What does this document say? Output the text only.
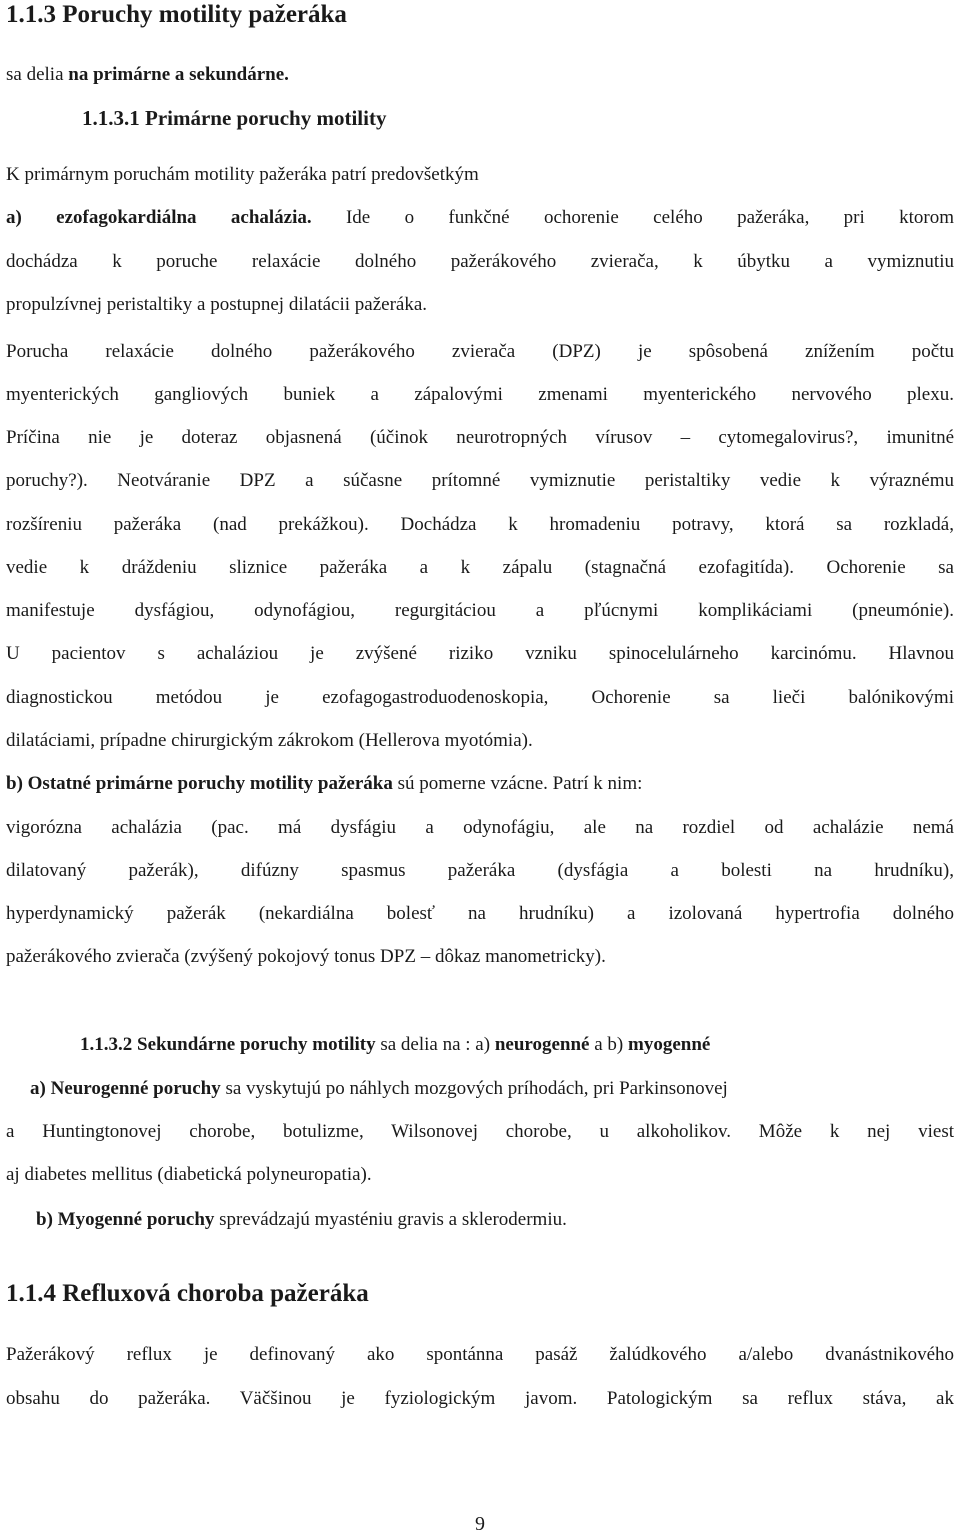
1.1.3 Poruchy motility pažeráka

sa delia na primárne a sekundárne.

1.1.3.1 Primárne poruchy motility

K primárnym poruchám motility pažeráka patrí predovšetkým

a) ezofagokardiálna achalázia. Ide o funkčné ochorenie celého pažeráka, pri ktorom

dochádza k poruche relaxácie dolného pažerákového zvierača, k úbytku a vymiznutiu

propulzívnej peristaltiky a postupnej dilatácii pažeráka.

Porucha relaxácie dolného pažerákového zvierača (DPZ) je spôsobená znížením počtu

myenterických gangliových buniek a zápalovými zmenami myenterického nervového plexu.

Príčina nie je doteraz objasnená (účinok neurotropných vírusov – cytomegalovirus?, imunitné

poruchy?). Neotváranie DPZ a súčasne prítomné vymiznutie peristaltiky vedie k výraznému

rozšíreniu pažeráka (nad prekážkou). Dochádza k hromadeniu potravy, ktorá sa rozkladá,

vedie k dráždeniu sliznice pažeráka a k zápalu (stagnačná ezofagitída). Ochorenie sa

manifestuje dysfágiou, odynofágiou, regurgitáciou a pľúcnymi komplikáciami (pneumónie).

U pacientov s achaláziou je zvýšené riziko vzniku spinocelulárneho karcinómu. Hlavnou

diagnostickou metódou je ezofagogastroduodenoskopia, Ochorenie sa lieči balónikovými

dilatáciami, prípadne chirurgickým zákrokom (Hellerova myotómia).

b) Ostatné primárne poruchy motility pažeráka sú pomerne vzácne. Patrí k nim:

vigorózna achalázia (pac. má dysfágiu a odynofágiu, ale na rozdiel od achalázie nemá

dilatovaný pažerák), difúzny spasmus pažeráka (dysfágia a bolesti na hrudníku),

hyperdynamický pažerák (nekardiálna bolesť na hrudníku) a izolovaná hypertrofia dolného

pažerákového zvierača (zvýšený pokojový tonus DPZ – dôkaz manometricky).

1.1.3.2 Sekundárne poruchy motility sa delia na : a) neurogenné a b) myogenné

a) Neurogenné poruchy sa vyskytujú po náhlych mozgových príhodách, pri Parkinsonovej

a Huntingtonovej chorobe, botulizme, Wilsonovej chorobe, u alkoholikov. Môže k nej viest

aj diabetes mellitus (diabetická polyneuropatia).

b) Myogenné poruchy sprevádzajú myasténiu gravis a sklerodermiu.

1.1.4 Refluxová choroba pažeráka

Pažerákový reflux je definovaný ako spontánna pasáž žalúdkového a/alebo dvanástnikového

obsahu do pažeráka. Väčšinou je fyziologickým javom. Patologickým sa reflux stáva, ak

9
